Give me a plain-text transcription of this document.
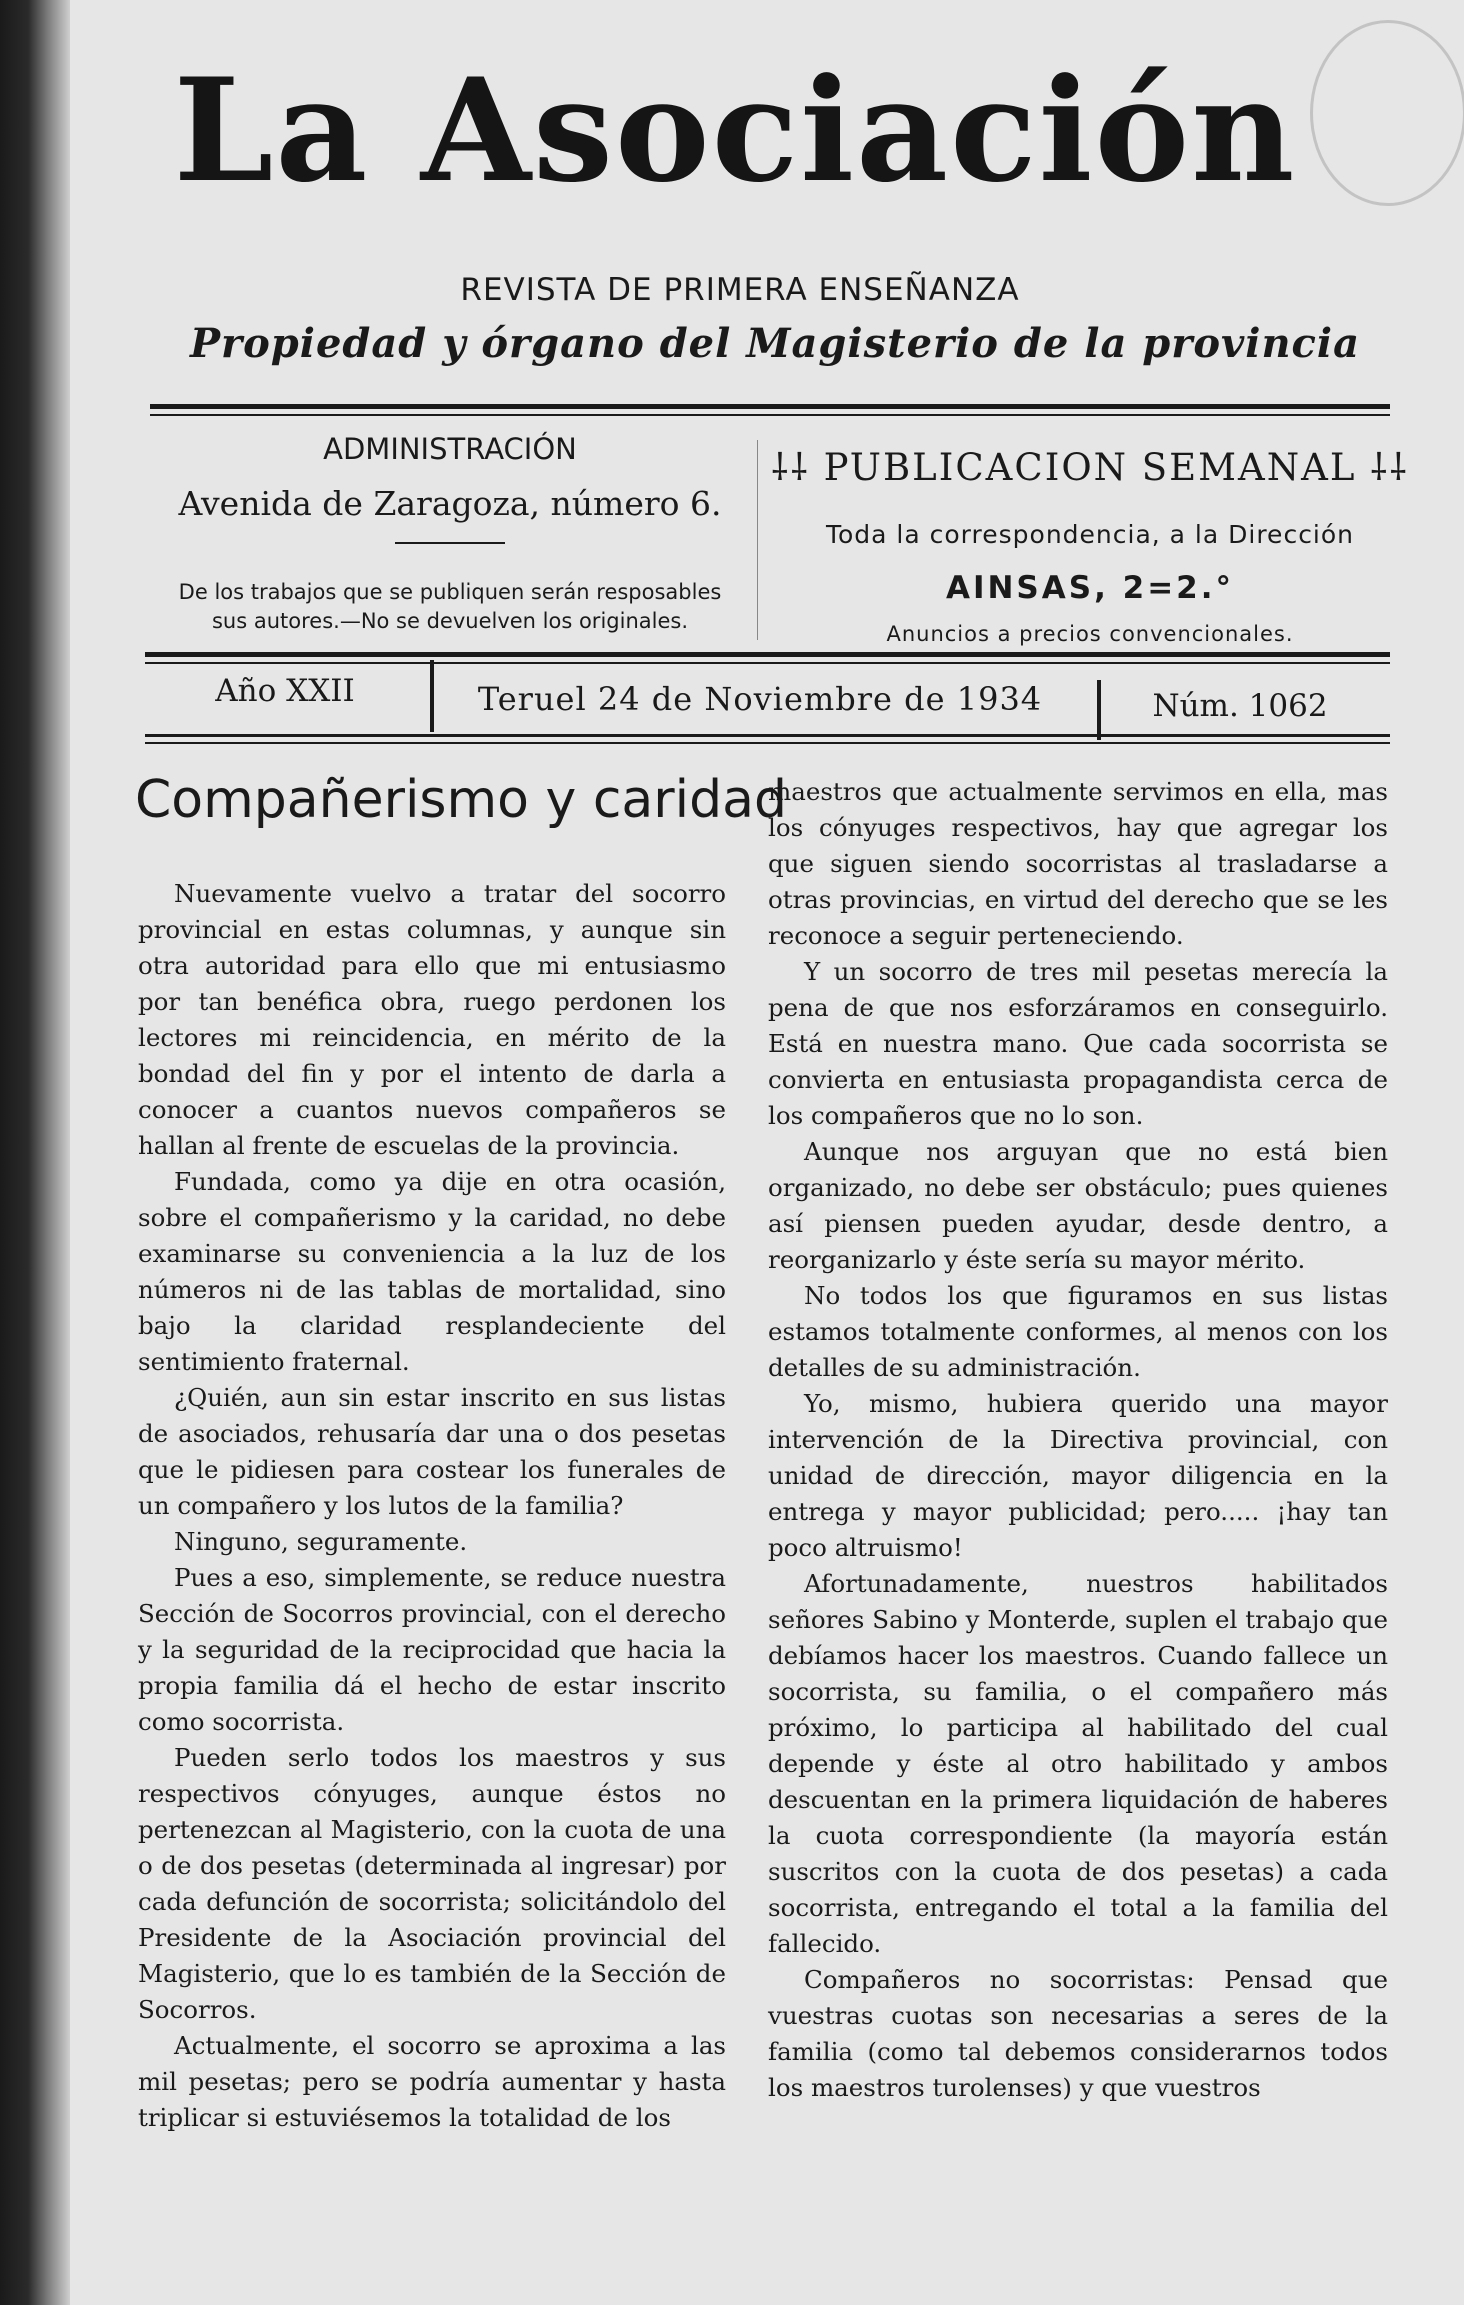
La Asociación
REVISTA DE PRIMERA ENSEÑANZA
Propiedad y órgano del Magisterio de la provincia
ADMINISTRACIÓN
Avenida de Zaragoza, número 6.
De los trabajos que se publiquen serán resposables
sus autores.—No se devuelven los originales.
⸸⸸ PUBLICACION SEMANAL ⸸⸸
Toda la correspondencia, a la Dirección
AINSAS, 2=2.°
Anuncios a precios convencionales.
Año XXII	Teruel 24 de Noviembre de 1934	Núm. 1062
Compañerismo y caridad

Nuevamente vuelvo a tratar del socorro provincial en estas columnas, y aunque sin otra autoridad para ello que mi entusiasmo por tan benéfica obra, ruego perdonen los lectores mi reincidencia, en mérito de la bondad del fin y por el intento de darla a conocer a cuantos nuevos compañeros se hallan al frente de escuelas de la provincia.

Fundada, como ya dije en otra ocasión, sobre el compañerismo y la caridad, no debe examinarse su conveniencia a la luz de los números ni de las tablas de mortalidad, sino bajo la claridad resplandeciente del sentimiento fraternal.

¿Quién, aun sin estar inscrito en sus listas de asociados, rehusaría dar una o dos pesetas que le pidiesen para costear los funerales de un compañero y los lutos de la familia?

Ninguno, seguramente.

Pues a eso, simplemente, se reduce nuestra Sección de Socorros provincial, con el derecho y la seguridad de la reciprocidad que hacia la propia familia dá el hecho de estar inscrito como socorrista.

Pueden serlo todos los maestros y sus respectivos cónyuges, aunque éstos no pertenezcan al Magisterio, con la cuota de una o de dos pesetas (determinada al ingresar) por cada defunción de socorrista; solicitándolo del Presidente de la Asociación provincial del Magisterio, que lo es también de la Sección de Socorros.

Actualmente, el socorro se aproxima a las mil pesetas; pero se podría aumentar y hasta triplicar si estuviésemos la totalidad de los

maestros que actualmente servimos en ella, mas los cónyuges respectivos, hay que agregar los que siguen siendo socorristas al trasladarse a otras provincias, en virtud del derecho que se les reconoce a seguir perteneciendo.

Y un socorro de tres mil pesetas merecía la pena de que nos esforzáramos en conseguirlo. Está en nuestra mano. Que cada socorrista se convierta en entusiasta propagandista cerca de los compañeros que no lo son.

Aunque nos arguyan que no está bien organizado, no debe ser obstáculo; pues quienes así piensen pueden ayudar, desde dentro, a reorganizarlo y éste sería su mayor mérito.

No todos los que figuramos en sus listas estamos totalmente conformes, al menos con los detalles de su administración.

Yo, mismo, hubiera querido una mayor intervención de la Directiva provincial, con unidad de dirección, mayor diligencia en la entrega y mayor publicidad; pero..... ¡hay tan poco altruismo!

Afortunadamente, nuestros habilitados señores Sabino y Monterde, suplen el trabajo que debíamos hacer los maestros. Cuando fallece un socorrista, su familia, o el compañero más próximo, lo participa al habilitado del cual depende y éste al otro habilitado y ambos descuentan en la primera liquidación de haberes la cuota correspondiente (la mayoría están suscritos con la cuota de dos pesetas) a cada socorrista, entregando el total a la familia del fallecido.

Compañeros no socorristas: Pensad que vuestras cuotas son necesarias a seres de la familia (como tal debemos considerarnos todos los maestros turolenses) y que vuestros
